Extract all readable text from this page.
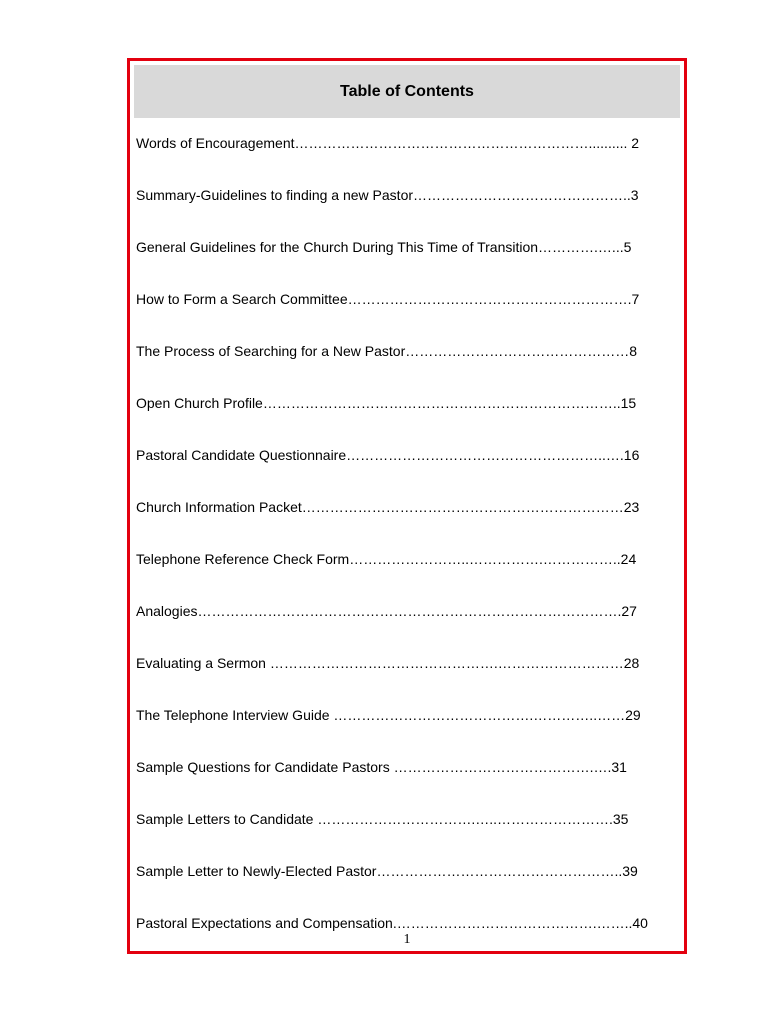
Table of Contents
Words of Encouragement……………………………………………………….......... 2
Summary-Guidelines to finding a new Pastor………………………………………..3
General Guidelines for the Church During This Time of Transition………….…...5
How to Form a Search Committee…………………………………………………….7
The Process of Searching for a New Pastor…………………………………………8
Open Church Profile…………………………………………………………………..15
Pastoral Candidate Questionnaire………………………………………………..….16
Church Information Packet……………………………………………………………23
Telephone Reference Check Form……………………..…………….……………..24
Analogies……………………………………………………………………………….27
Evaluating a Sermon ………………………………………….………………………28
The Telephone Interview Guide …………………………………….…………..……29
Sample Questions for Candidate Pastors …………………………………….….31
Sample Letters to Candidate …………………………….…..…………………….35
Sample Letter to Newly-Elected Pastor……………………………………………..39
Pastoral Expectations and Compensation.…………………………………….……..40
1
